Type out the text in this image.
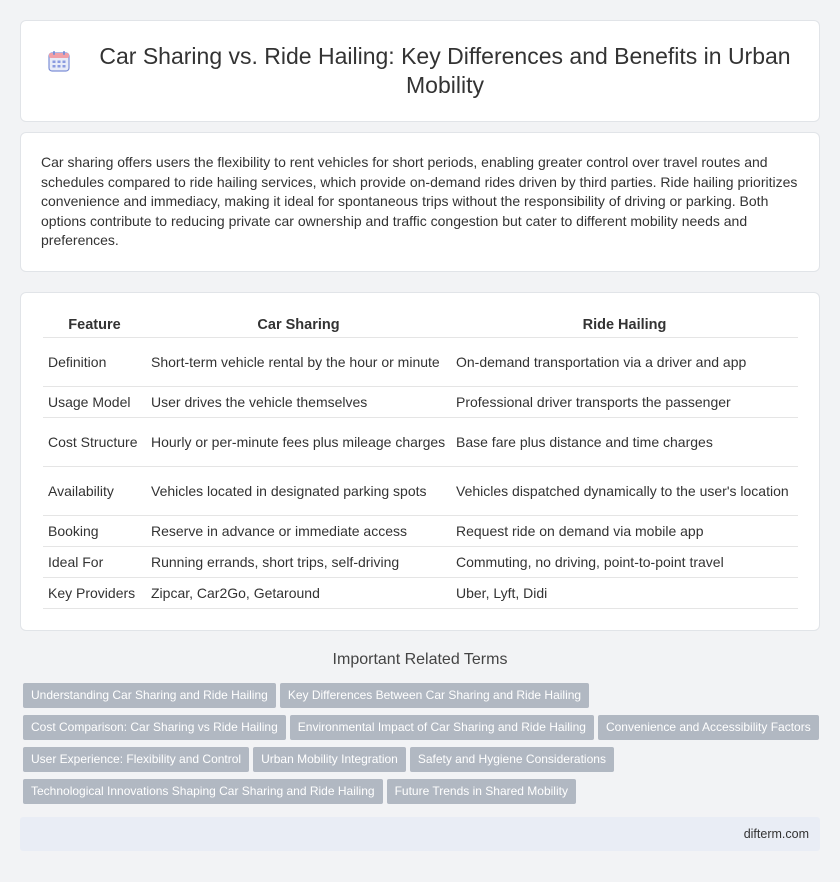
Car Sharing vs. Ride Hailing: Key Differences and Benefits in Urban Mobility

Car sharing offers users the flexibility to rent vehicles for short periods, enabling greater control over travel routes and schedules compared to ride hailing services, which provide on-demand rides driven by third parties. Ride hailing prioritizes convenience and immediacy, making it ideal for spontaneous trips without the responsibility of driving or parking. Both options contribute to reducing private car ownership and traffic congestion but cater to different mobility needs and preferences.

Feature	Car Sharing	Ride Hailing
Definition	Short-term vehicle rental by the hour or minute	On-demand transportation via a driver and app
Usage Model	User drives the vehicle themselves	Professional driver transports the passenger
Cost Structure	Hourly or per-minute fees plus mileage charges	Base fare plus distance and time charges
Availability	Vehicles located in designated parking spots	Vehicles dispatched dynamically to the user's location
Booking	Reserve in advance or immediate access	Request ride on demand via mobile app
Ideal For	Running errands, short trips, self-driving	Commuting, no driving, point-to-point travel
Key Providers	Zipcar, Car2Go, Getaround	Uber, Lyft, Didi
Important Related Terms
Understanding Car Sharing and Ride Hailing Key Differences Between Car Sharing and Ride Hailing
Cost Comparison: Car Sharing vs Ride Hailing Environmental Impact of Car Sharing and Ride Hailing Convenience and Accessibility Factors
User Experience: Flexibility and Control Urban Mobility Integration Safety and Hygiene Considerations
Technological Innovations Shaping Car Sharing and Ride Hailing Future Trends in Shared Mobility
difterm.com
